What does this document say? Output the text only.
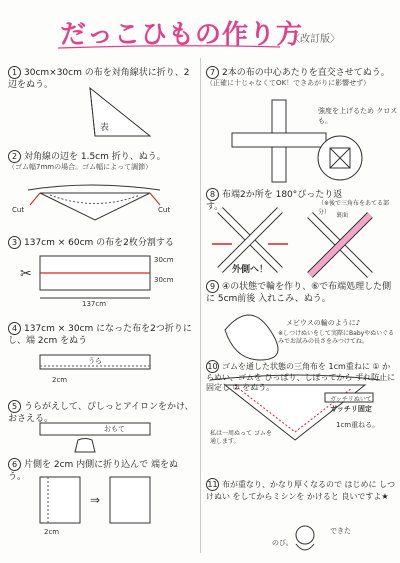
だっこひもの作り方
〈改訂版〉
✂
⇒
1 30cm×30cm の布を対角線状に折り、2辺をぬう。
表
2 対角線の辺を 1.5cm 折り、ぬう。
（ゴム幅7mmの場合。ゴム幅によって調節）
Cut	Cut
3 137cm × 60cm の布を2枚分割する
30cm
30cm
137cm
4 137cm × 30cm になった布を2つ折りにし、端 2cm をぬう
うら
2cm
5 うらがえして、ぴしっとアイロンをかけ、おさえる。
おもて
6 片側を 2cm 内側に折り込んで 端をぬう。
2cm
7 2本の布の中心あたりを直交させてぬう。
（正確に十じゃなくてOK！できあがりに影響せず）
強度を上げるため クロスも。
8 布端2か所を 180°ぴったり返す。
外側へ！
（※後で三角布をあてる部分） 裏面
9 ④の状態で輪を作り、⑥で布端処理した側に 5cm前後 入れこみ、ぬう。
メビウスの輪のように♪
※しつけぬいをして実際にBabyやぬいぐるみでお試みの長さをみつけてね。
10 ゴムを通した状態の三角布を 1cm重ねに ① からぬい、ゴムを ひっぱり、しぼってから ずれ防止に固定し ② をぬう。
ガッチリぬいて
ガッチリ固定
1cm重ねる。
私は一周ぬって ゴムを通します。
11 布が重なり、かなり厚くなるので はじめに しつけぬい をしてからミシンを かけると 良いですよ★
できた
のび。
